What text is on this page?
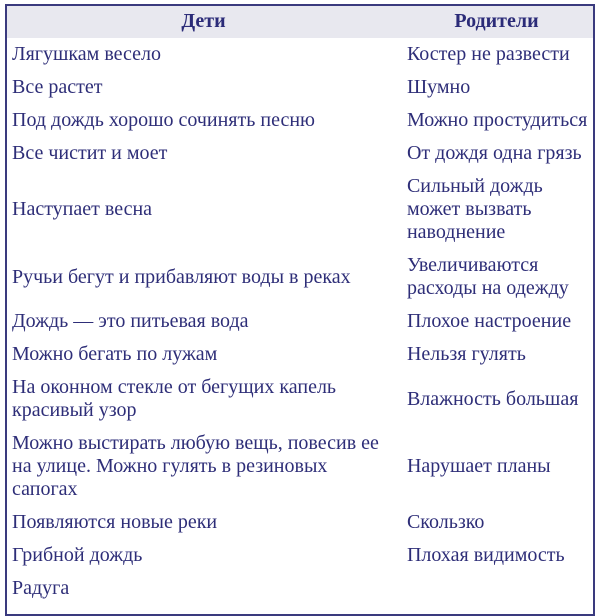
Дети	Родители
Лягушкам весело	Костер не развести
Все растет	Шумно
Под дождь хорошо сочинять песню	Можно простудиться
Все чистит и моет	От дождя одна грязь
Наступает весна	Сильный дождь может вызвать наводнение
Ручьи бегут и прибавляют воды в реках	Увеличиваются расходы на одежду
Дождь — это питьевая вода	Плохое настроение
Можно бегать по лужам	Нельзя гулять
На оконном стекле от бегущих капель красивый узор	Влажность большая
Можно выстирать любую вещь, повесив ее на улице. Можно гулять в резиновых сапогах	Нарушает планы
Появляются новые реки	Скользко
Грибной дождь	Плохая видимость
Радуга	
